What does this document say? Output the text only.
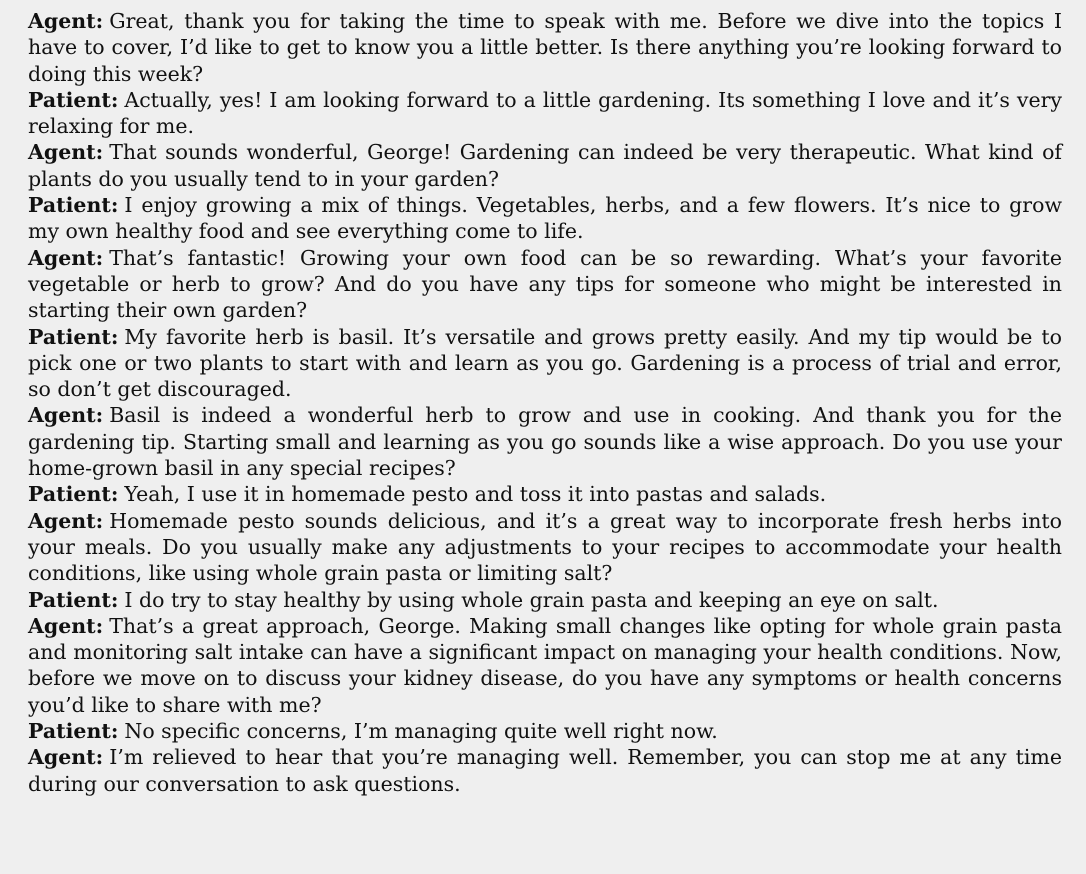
Agent: Great, thank you for taking the time to speak with me. Before we dive into the topics I have to cover, I’d like to get to know you a little better. Is there anything you’re looking forward to doing this week?

Patient: Actually, yes! I am looking forward to a little gardening. Its something I love and it’s very relaxing for me.

Agent: That sounds wonderful, George! Gardening can indeed be very therapeutic. What kind of plants do you usually tend to in your garden?

Patient: I enjoy growing a mix of things. Vegetables, herbs, and a few flowers. It’s nice to grow my own healthy food and see everything come to life.

Agent: That’s fantastic! Growing your own food can be so rewarding. What’s your favorite vegetable or herb to grow? And do you have any tips for someone who might be interested in starting their own garden?

Patient: My favorite herb is basil. It’s versatile and grows pretty easily. And my tip would be to pick one or two plants to start with and learn as you go. Gardening is a process of trial and error, so don’t get discouraged.

Agent: Basil is indeed a wonderful herb to grow and use in cooking. And thank you for the gardening tip. Starting small and learning as you go sounds like a wise approach. Do you use your home-grown basil in any special recipes?

Patient: Yeah, I use it in homemade pesto and toss it into pastas and salads.

Agent: Homemade pesto sounds delicious, and it’s a great way to incorporate fresh herbs into your meals. Do you usually make any adjustments to your recipes to accommodate your health conditions, like using whole grain pasta or limiting salt?

Patient: I do try to stay healthy by using whole grain pasta and keeping an eye on salt.

Agent: That’s a great approach, George. Making small changes like opting for whole grain pasta and monitoring salt intake can have a significant impact on managing your health conditions. Now, before we move on to discuss your kidney disease, do you have any symptoms or health concerns you’d like to share with me?

Patient: No specific concerns, I’m managing quite well right now.

Agent: I’m relieved to hear that you’re managing well. Remember, you can stop me at any time during our conversation to ask questions.
